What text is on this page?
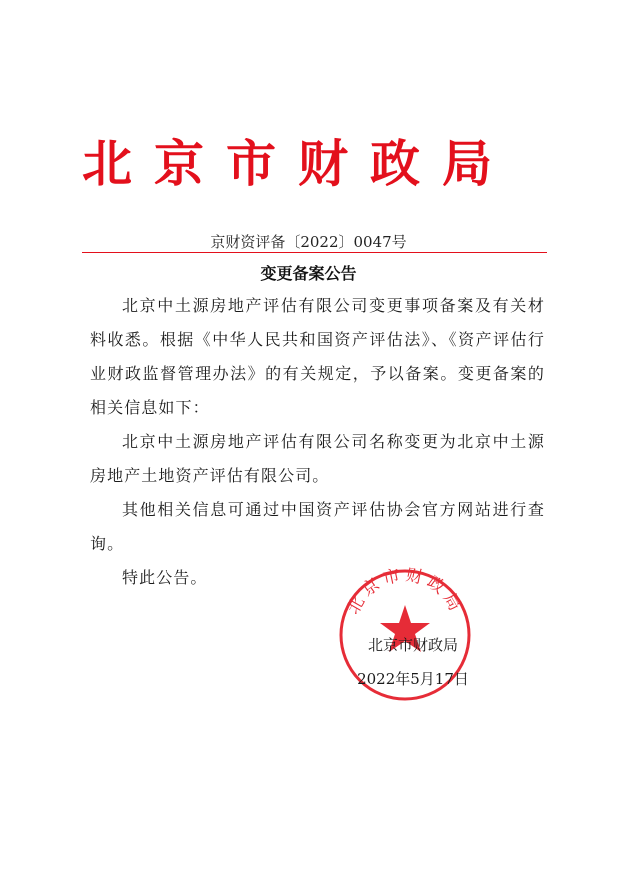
北京市财政局
京财资评备〔2022〕0047号
变更备案公告

北京中土源房地产评估有限公司变更事项备案及有关材料收悉。根据《中华人民共和国资产评估法》、《资产评估行业财政监督管理办法》的有关规定，予以备案。变更备案的相关信息如下：

北京中土源房地产评估有限公司名称变更为北京中土源房地产土地资产评估有限公司。

其他相关信息可通过中国资产评估协会官方网站进行查询。

特此公告。

北京市财政局
北京市财政局
2022年5月17日
